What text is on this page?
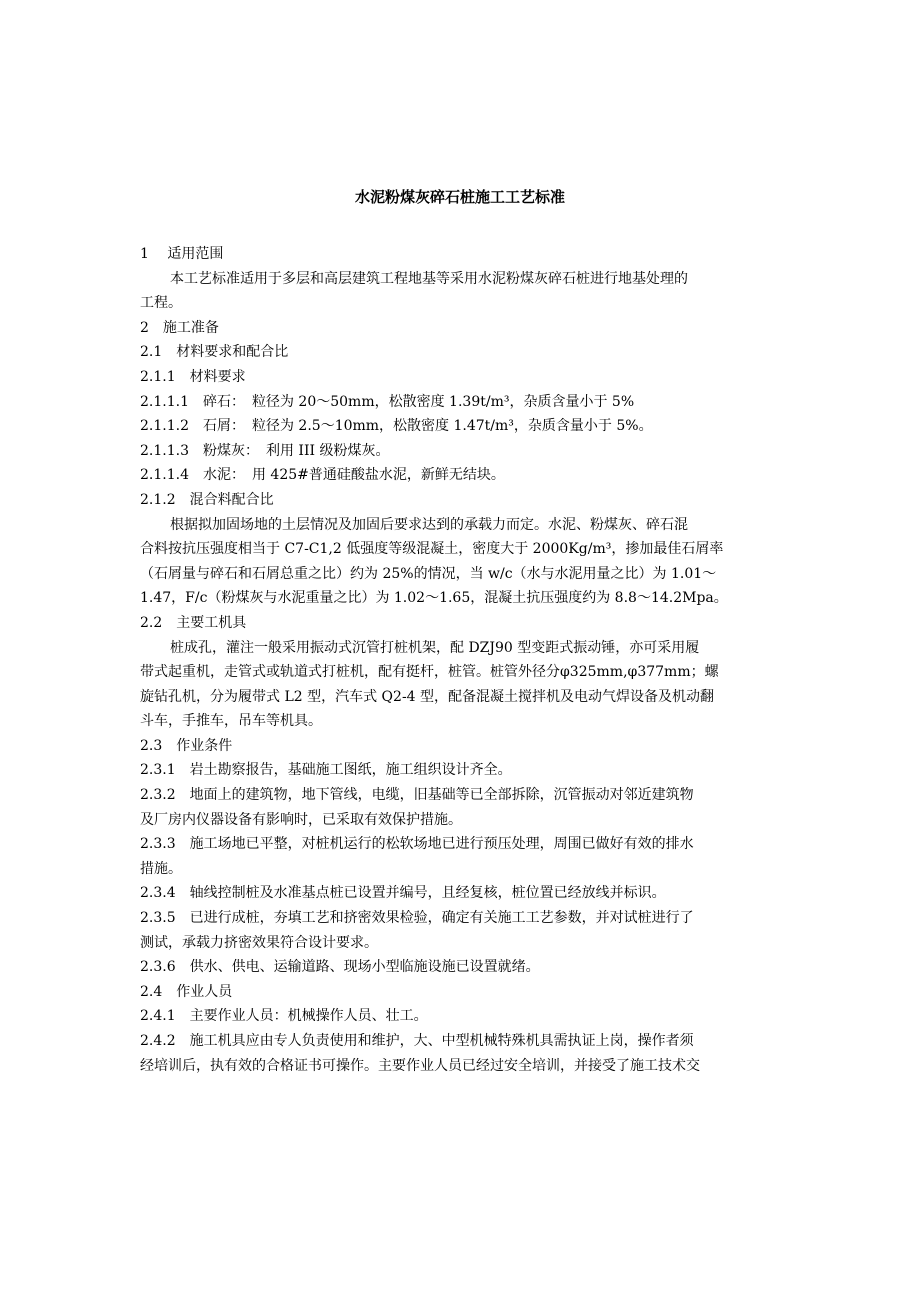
水泥粉煤灰碎石桩施工工艺标准

1　 适用范围

本工艺标准适用于多层和高层建筑工程地基等采用水泥粉煤灰碎石桩进行地基处理的

工程。

2　施工准备

2.1　材料要求和配合比

2.1.1　材料要求

2.1.1.1　碎石：　粒径为 20～50mm，松散密度 1.39t/m³，杂质含量小于 5%

2.1.1.2　石屑：　粒径为 2.5～10mm，松散密度 1.47t/m³，杂质含量小于 5%。

2.1.1.3　粉煤灰：　利用 III 级粉煤灰。

2.1.1.4　水泥：　用 425#普通硅酸盐水泥，新鲜无结块。

2.1.2　混合料配合比

根据拟加固场地的土层情况及加固后要求达到的承载力而定。水泥、粉煤灰、碎石混

合料按抗压强度相当于 C7-C1,2 低强度等级混凝土，密度大于 2000Kg/m³，掺加最佳石屑率

（石屑量与碎石和石屑总重之比）约为 25%的情况，当 w/c（水与水泥用量之比）为 1.01～

1.47，F/c（粉煤灰与水泥重量之比）为 1.02～1.65，混凝土抗压强度约为 8.8～14.2Mpa。

2.2　主要工机具

桩成孔，灌注一般采用振动式沉管打桩机架，配 DZJ90 型变距式振动锤，亦可采用履

带式起重机，走管式或轨道式打桩机，配有挺杆，桩管。桩管外径分φ325mm,φ377mm；螺

旋钻孔机，分为履带式 L2 型，汽车式 Q2-4 型，配备混凝土搅拌机及电动气焊设备及机动翻

斗车，手推车，吊车等机具。

2.3　作业条件

2.3.1　岩土勘察报告，基础施工图纸，施工组织设计齐全。

2.3.2　地面上的建筑物，地下管线，电缆，旧基础等已全部拆除，沉管振动对邻近建筑物

及厂房内仪器设备有影响时，已采取有效保护措施。

2.3.3　施工场地已平整，对桩机运行的松软场地已进行预压处理，周围已做好有效的排水

措施。

2.3.4　轴线控制桩及水准基点桩已设置并编号，且经复核，桩位置已经放线并标识。

2.3.5　已进行成桩，夯填工艺和挤密效果检验，确定有关施工工艺参数，并对试桩进行了

测试，承载力挤密效果符合设计要求。

2.3.6　供水、供电、运输道路、现场小型临施设施已设置就绪。

2.4　作业人员

2.4.1　主要作业人员：机械操作人员、壮工。

2.4.2　施工机具应由专人负责使用和维护，大、中型机械特殊机具需执证上岗，操作者须

经培训后，执有效的合格证书可操作。主要作业人员已经过安全培训，并接受了施工技术交
